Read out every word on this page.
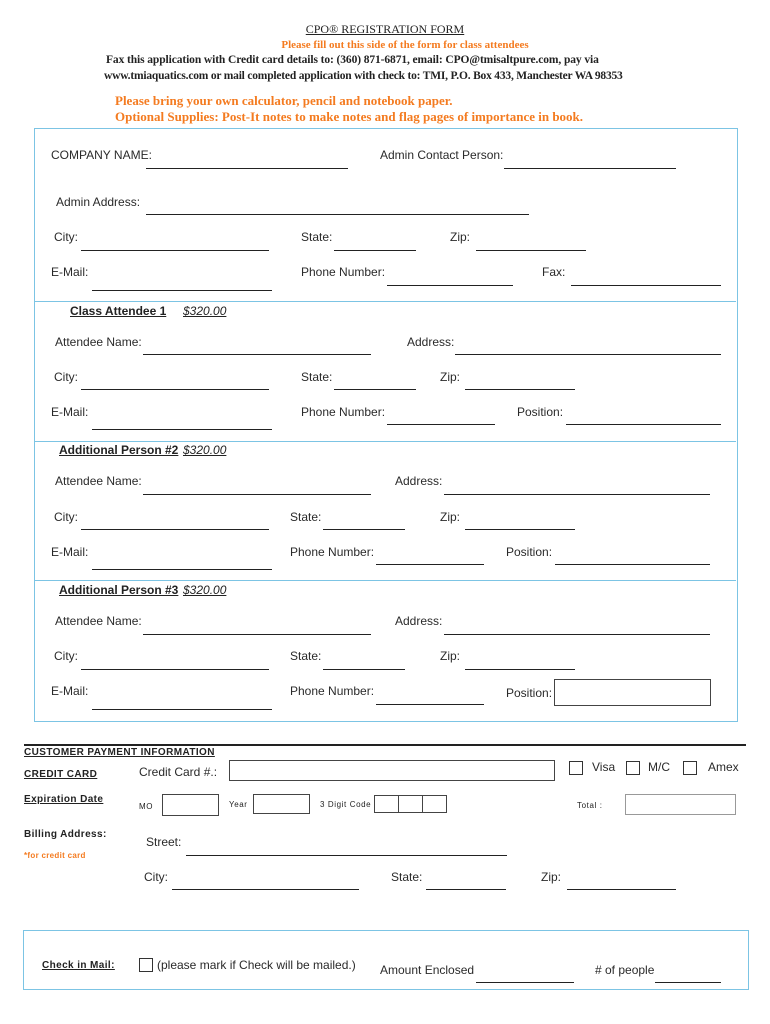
CPO® REGISTRATION FORM
Please fill out this side of the form for class attendees
Fax this application with Credit card details to: (360) 871-6871, email: CPO@tmisaltpure.com, pay via
www.tmiaquatics.com or mail completed application with check to: TMI, P.O. Box 433, Manchester WA 98353
Please bring your own calculator, pencil and notebook paper.
Optional Supplies: Post-It notes to make notes and flag pages of importance in book.
COMPANY NAME:	Admin Contact Person:
Admin Address:
City:	State:	Zip:
E-Mail:	Phone Number:	Fax:
Class Attendee 1 $320.00
Attendee Name:	Address:
City:	State:	Zip:
E-Mail:	Phone Number:	Position:
Additional Person #2 $320.00
Attendee Name:	Address:
City:	State:	Zip:
E-Mail:	Phone Number:	Position:
Additional Person #3 $320.00
Attendee Name:	Address:
City:	State:	Zip:
E-Mail:	Phone Number:	Position:
CUSTOMER PAYMENT INFORMATION
CREDIT CARD	Credit Card #.:	Visa	M/C	Amex
Expiration Date
MO	Year	3 Digit Code	Total :
Billing Address:
*for credit card
Street:
City:	State:	Zip:
Check in Mail:	(please mark if Check will be mailed.) Amount Enclosed	# of people
